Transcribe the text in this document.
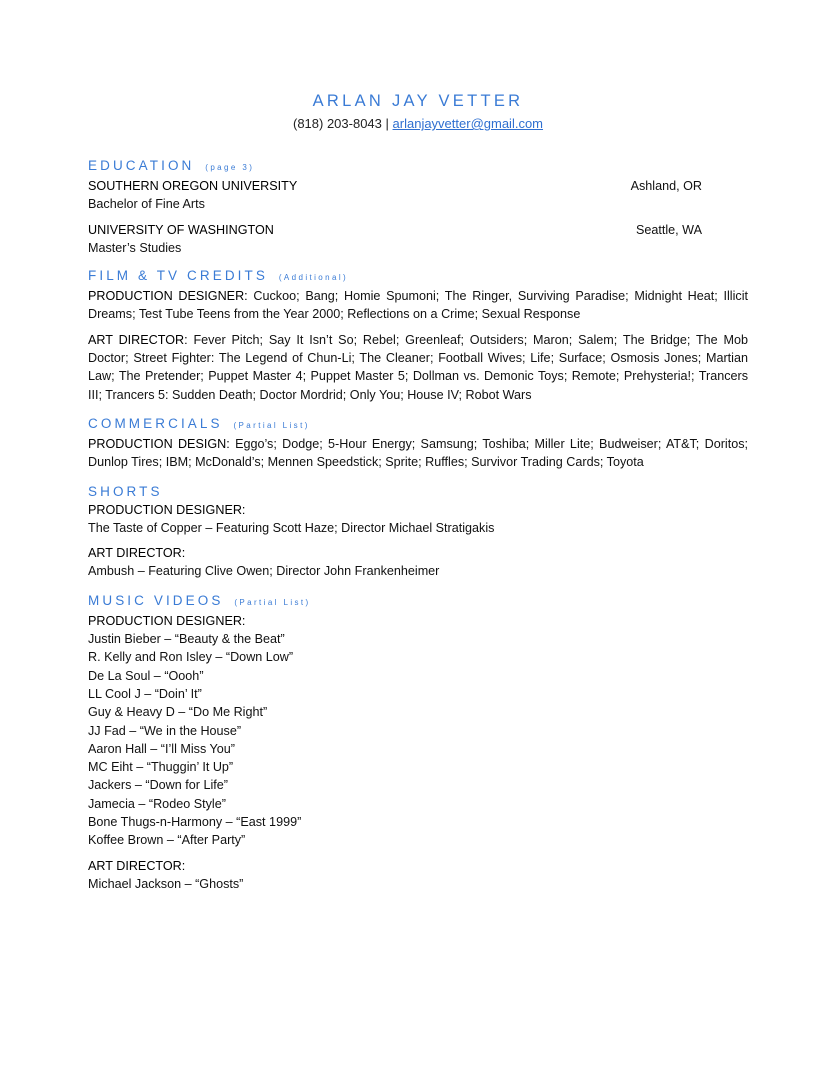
ARLAN JAY VETTER
(818) 203-8043 | arlanjayvetter@gmail.com
EDUCATION (page 3)
SOUTHERN OREGON UNIVERSITY	Ashland, OR
Bachelor of Fine Arts
UNIVERSITY OF WASHINGTON	Seattle, WA
Master’s Studies
FILM & TV CREDITS (Additional)
PRODUCTION DESIGNER: Cuckoo; Bang; Homie Spumoni; The Ringer, Surviving Paradise; Midnight Heat; Illicit Dreams; Test Tube Teens from the Year 2000; Reflections on a Crime; Sexual Response
ART DIRECTOR: Fever Pitch; Say It Isn’t So; Rebel; Greenleaf; Outsiders; Maron; Salem; The Bridge; The Mob Doctor; Street Fighter: The Legend of Chun-Li; The Cleaner; Football Wives; Life; Surface; Osmosis Jones; Martian Law; The Pretender; Puppet Master 4; Puppet Master 5; Dollman vs. Demonic Toys; Remote; Prehysteria!; Trancers III; Trancers 5: Sudden Death; Doctor Mordrid; Only You; House IV; Robot Wars
COMMERCIALS (Partial List)
PRODUCTION DESIGN: Eggo’s; Dodge; 5-Hour Energy; Samsung; Toshiba; Miller Lite; Budweiser; AT&T; Doritos; Dunlop Tires; IBM; McDonald’s; Mennen Speedstick; Sprite; Ruffles; Survivor Trading Cards; Toyota
SHORTS
PRODUCTION DESIGNER:
The Taste of Copper – Featuring Scott Haze; Director Michael Stratigakis
ART DIRECTOR:
Ambush – Featuring Clive Owen; Director John Frankenheimer
MUSIC VIDEOS (Partial List)
PRODUCTION DESIGNER:
Justin Bieber – “Beauty & the Beat”
R. Kelly and Ron Isley – “Down Low”
De La Soul – “Oooh”
LL Cool J – “Doin’ It”
Guy & Heavy D – “Do Me Right”
JJ Fad – “We in the House”
Aaron Hall – “I’ll Miss You”
MC Eiht – “Thuggin’ It Up”
Jackers – “Down for Life”
Jamecia – “Rodeo Style”
Bone Thugs-n-Harmony – “East 1999”
Koffee Brown – “After Party”
ART DIRECTOR:
Michael Jackson – “Ghosts”
